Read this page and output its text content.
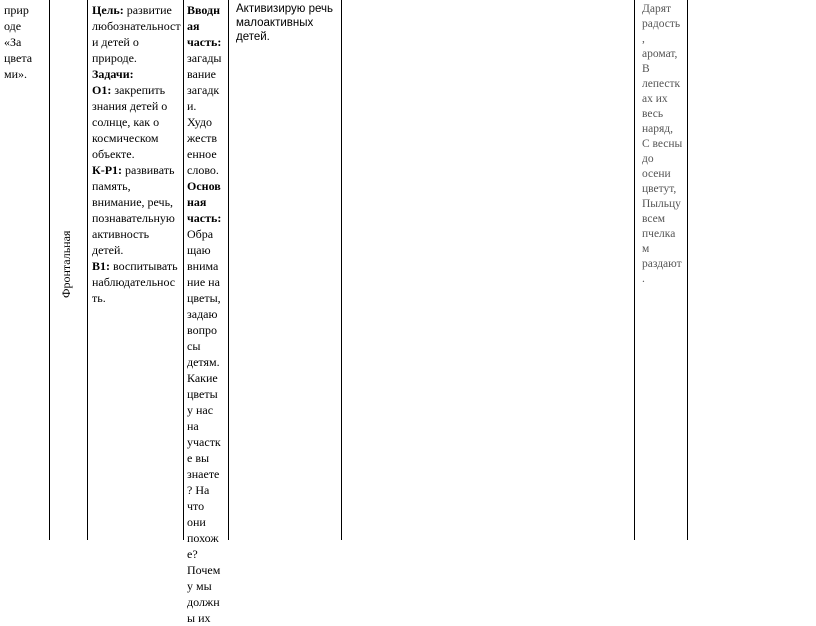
прир
оде
«За
цвета
ми».
Фронтальная
Цель: развитие
любознательност
и детей о
природе.
Задачи:
О1: закрепить
знания детей о
солнце, как о
космическом
объекте.
К-Р1: развивать
память,
внимание, речь,
познавательную
активность
детей.
В1: воспитывать
наблюдательнос
ть.
Вводн
ая
часть:
загады
вание
загадк
и.
Худо
жеств
енное
слово.
Основ
ная
часть:
Обра
щаю
внима
ние на
цветы,
задаю
вопро
сы
детям.
Какие
цветы
у нас
на
участк
е вы
знаете
? На
что
они
похож
е?
Почем
у мы
должн
ы их
Активизирую речь
малоактивных
детей.
Дарят
радость
,
аромат,
В
лепестк
ах их
весь
наряд,
С весны
до
осени
цветут,
Пыльцу
всем
пчелка
м
раздают
.
